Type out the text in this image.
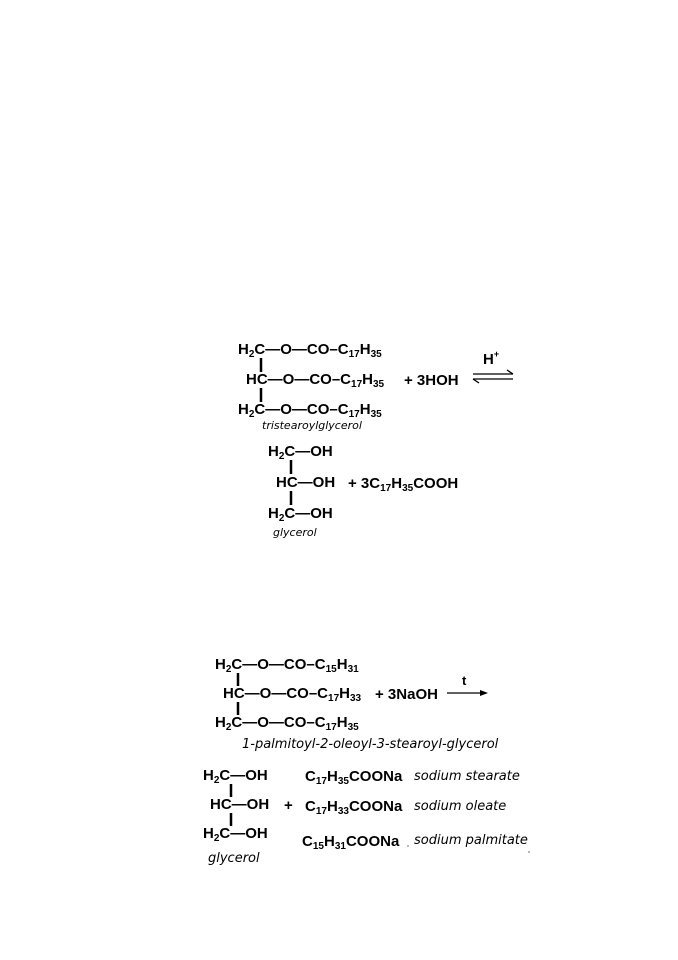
$H_2C—O—CO-C_{17}H_{35}$
$HC—O—CO-C_{17}H_{35} + 3HOH$
$H_2C—O—CO-C_{17}H_{35}$
tristearoylglycerol
H+
$H_2C—OH$
HC—OH + $3C_{17}H_{35}COOH$
$H_2C—OH$
glycerol
$H_2C—O—CO-C_{15}H_{31}$
$HC—O—CO-C_{17}H_{33}$ + 3NaOH
t
$H_2C—O—CO-C_{17}H_{35}$
1-palmitoyl-2-oleoyl-3-stearoyl-glycerol
$H_2C—OH$
HC—OH +
$H_2C—OH$
glycerol
$C_{17}H_{35}COONa$ sodium stearate
$C_{17}H_{33}COONa$ sodium oleate
$C_{15}H_{31}COONa$ sodium palmitate
